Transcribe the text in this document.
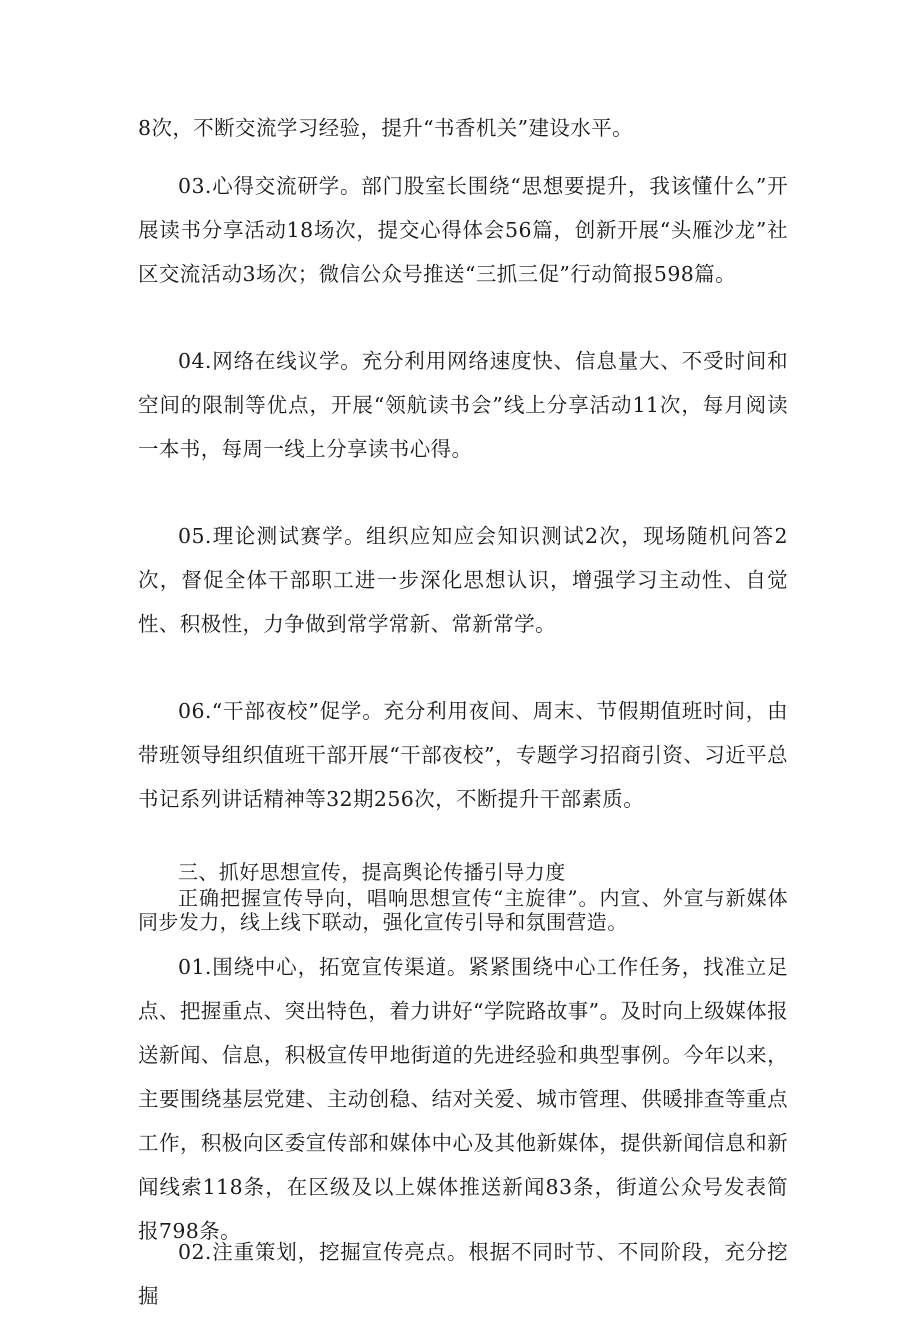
8次，不断交流学习经验，提升“书香机关”建设水平。

03.心得交流研学。部门股室长围绕“思想要提升，我该懂什么”开展读书分享活动18场次，提交心得体会56篇，创新开展“头雁沙龙”社区交流活动3场次；微信公众号推送“三抓三促”行动简报598篇。

04.网络在线议学。充分利用网络速度快、信息量大、不受时间和空间的限制等优点，开展“领航读书会”线上分享活动11次，每月阅读一本书，每周一线上分享读书心得。

05.理论测试赛学。组织应知应会知识测试2次，现场随机问答2次，督促全体干部职工进一步深化思想认识，增强学习主动性、自觉性、积极性，力争做到常学常新、常新常学。

06.“干部夜校”促学。充分利用夜间、周末、节假期值班时间，由带班领导组织值班干部开展“干部夜校”，专题学习招商引资、习近平总书记系列讲话精神等32期256次，不断提升干部素质。

三、抓好思想宣传，提高舆论传播引导力度

正确把握宣传导向，唱响思想宣传“主旋律”。内宣、外宣与新媒体同步发力，线上线下联动，强化宣传引导和氛围营造。

01.围绕中心，拓宽宣传渠道。紧紧围绕中心工作任务，找准立足点、把握重点、突出特色，着力讲好“学院路故事”。及时向上级媒体报送新闻、信息，积极宣传甲地街道的先进经验和典型事例。今年以来，主要围绕基层党建、主动创稳、结对关爱、城市管理、供暖排查等重点工作，积极向区委宣传部和媒体中心及其他新媒体，提供新闻信息和新闻线索118条，在区级及以上媒体推送新闻83条，街道公众号发表简报798条。

02.注重策划，挖掘宣传亮点。根据不同时节、不同阶段，充分挖掘
